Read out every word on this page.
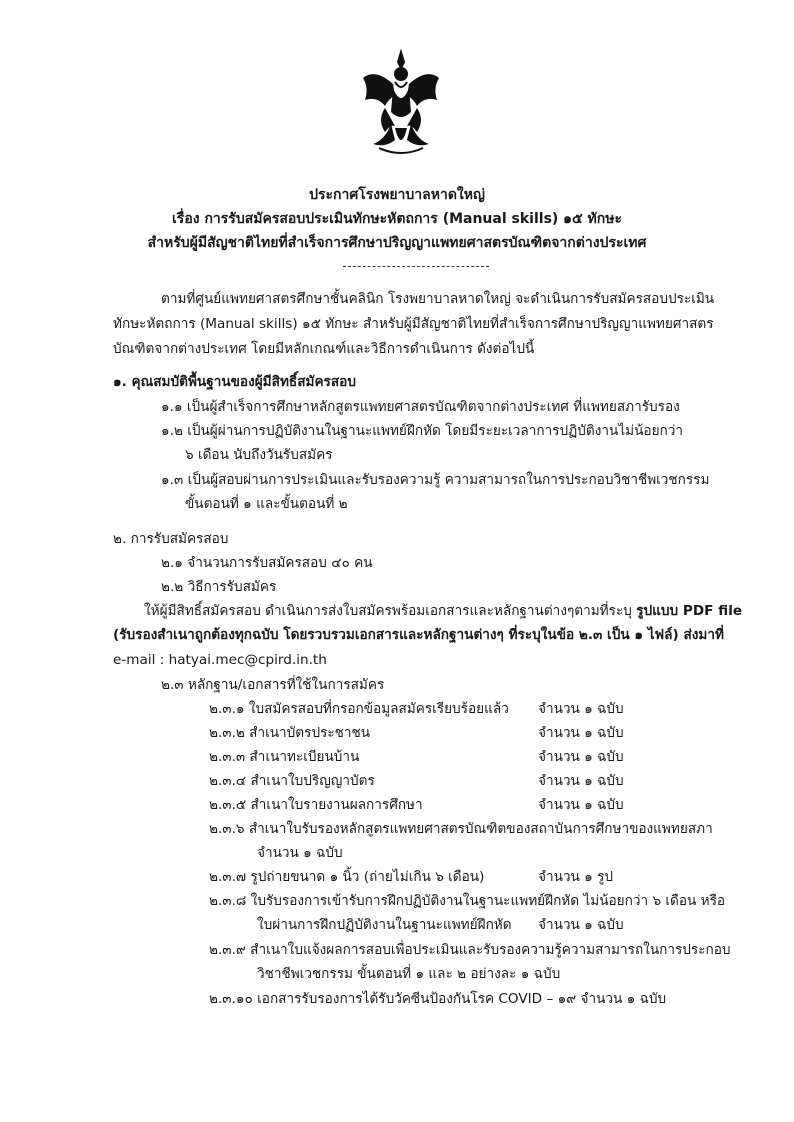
ประกาศโรงพยาบาลหาดใหญ่
เรื่อง การรับสมัครสอบประเมินทักษะหัตถการ (Manual skills) ๑๕ ทักษะ
สำหรับผู้มีสัญชาติไทยที่สำเร็จการศึกษาปริญญาแพทยศาสตรบัณฑิตจากต่างประเทศ
ตามที่ศูนย์แพทยศาสตรศึกษาชั้นคลินิก โรงพยาบาลหาดใหญ่ จะดำเนินการรับสมัครสอบประเมิน
ทักษะหัตถการ (Manual skills) ๑๕ ทักษะ สำหรับผู้มีสัญชาติไทยที่สำเร็จการศึกษาปริญญาแพทยศาสตร
บัณฑิตจากต่างประเทศ โดยมีหลักเกณฑ์และวิธีการดำเนินการ ดังต่อไปนี้
๑. คุณสมบัติพื้นฐานของผู้มีสิทธิ์สมัครสอบ
๑.๑ เป็นผู้สำเร็จการศึกษาหลักสูตรแพทยศาสตรบัณฑิตจากต่างประเทศ ที่แพทยสภารับรอง
๑.๒ เป็นผู้ผ่านการปฏิบัติงานในฐานะแพทย์ฝึกหัด โดยมีระยะเวลาการปฏิบัติงานไม่น้อยกว่า
๖ เดือน นับถึงวันรับสมัคร
๑.๓ เป็นผู้สอบผ่านการประเมินและรับรองความรู้ ความสามารถในการประกอบวิชาชีพเวชกรรม
ขั้นตอนที่ ๑ และขั้นตอนที่ ๒
๒. การรับสมัครสอบ
๒.๑ จำนวนการรับสมัครสอบ ๔๐ คน
๒.๒ วิธีการรับสมัคร
ให้ผู้มีสิทธิ์สมัครสอบ ดำเนินการส่งใบสมัครพร้อมเอกสารและหลักฐานต่างๆตามที่ระบุ รูปแบบ PDF file
(รับรองสำเนาถูกต้องทุกฉบับ โดยรวบรวมเอกสารและหลักฐานต่างๆ ที่ระบุในข้อ ๒.๓ เป็น ๑ ไฟล์) ส่งมาที่
e-mail : hatyai.mec@cpird.in.th
๒.๓ หลักฐาน/เอกสารที่ใช้ในการสมัคร
๒.๓.๑ ใบสมัครสอบที่กรอกข้อมูลสมัครเรียบร้อยแล้ว จำนวน ๑ ฉบับ
๒.๓.๒ สำเนาบัตรประชาชน	จำนวน ๑ ฉบับ
๒.๓.๓ สำเนาทะเบียนบ้าน	จำนวน ๑ ฉบับ
๒.๓.๔ สำเนาใบปริญญาบัตร	จำนวน ๑ ฉบับ
๒.๓.๕ สำเนาใบรายงานผลการศึกษา	จำนวน ๑ ฉบับ
๒.๓.๖ สำเนาใบรับรองหลักสูตรแพทยศาสตรบัณฑิตของสถาบันการศึกษาของแพทยสภา
จำนวน ๑ ฉบับ
๒.๓.๗ รูปถ่ายขนาด ๑ นิ้ว (ถ่ายไม่เกิน ๖ เดือน)	จำนวน ๑ รูป
๒.๓.๘ ใบรับรองการเข้ารับการฝึกปฏิบัติงานในฐานะแพทย์ฝึกหัด ไม่น้อยกว่า ๖ เดือน หรือ
ใบผ่านการฝึกปฏิบัติงานในฐานะแพทย์ฝึกหัด จำนวน ๑ ฉบับ
๒.๓.๙ สำเนาใบแจ้งผลการสอบเพื่อประเมินและรับรองความรู้ความสามารถในการประกอบ
วิชาชีพเวชกรรม ขั้นตอนที่ ๑ และ ๒ อย่างละ ๑ ฉบับ
๒.๓.๑๐ เอกสารรับรองการได้รับวัคซีนป้องกันโรค COVID – ๑๙ จำนวน ๑ ฉบับ
